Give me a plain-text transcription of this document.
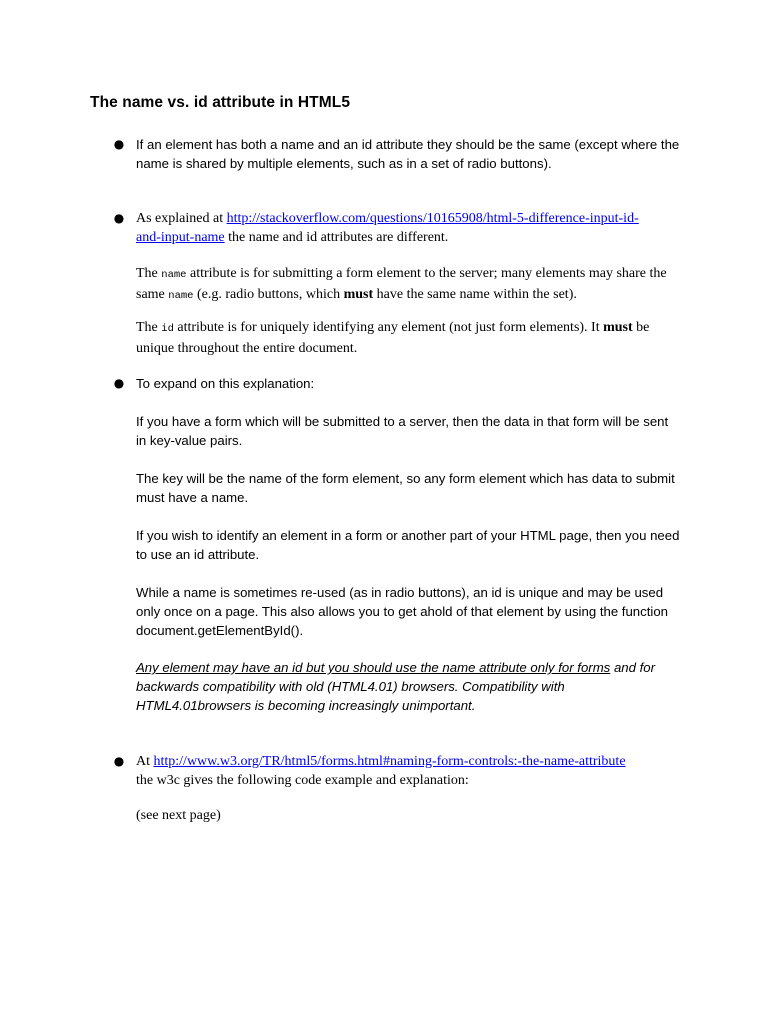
The name vs. id attribute in HTML5
● If an element has both a name and an id attribute they should be the same (except where the name is shared by multiple elements, such as in a set of radio buttons).
● As explained at http://stackoverflow.com/questions/10165908/html-5-difference-input-id-
and-input-name the name and id attributes are different.
The name attribute is for submitting a form element to the server; many elements may share the same name (e.g. radio buttons, which must have the same name within the set).
The id attribute is for uniquely identifying any element (not just form elements). It must be unique throughout the entire document.
● To expand on this explanation:
If you have a form which will be submitted to a server, then the data in that form will be sent in key-value pairs.
The key will be the name of the form element, so any form element which has data to submit must have a name.
If you wish to identify an element in a form or another part of your HTML page, then you need to use an id attribute.
While a name is sometimes re-used (as in radio buttons), an id is unique and may be used only once on a page. This also allows you to get ahold of that element by using the function document.getElementById().
Any element may have an id but you should use the name attribute only for forms and for backwards compatibility with old (HTML4.01) browsers. Compatibility with HTML4.01browsers is becoming increasingly unimportant.
● At http://www.w3.org/TR/html5/forms.html#naming-form-controls:-the-name-attribute
the w3c gives the following code example and explanation:
(see next page)
